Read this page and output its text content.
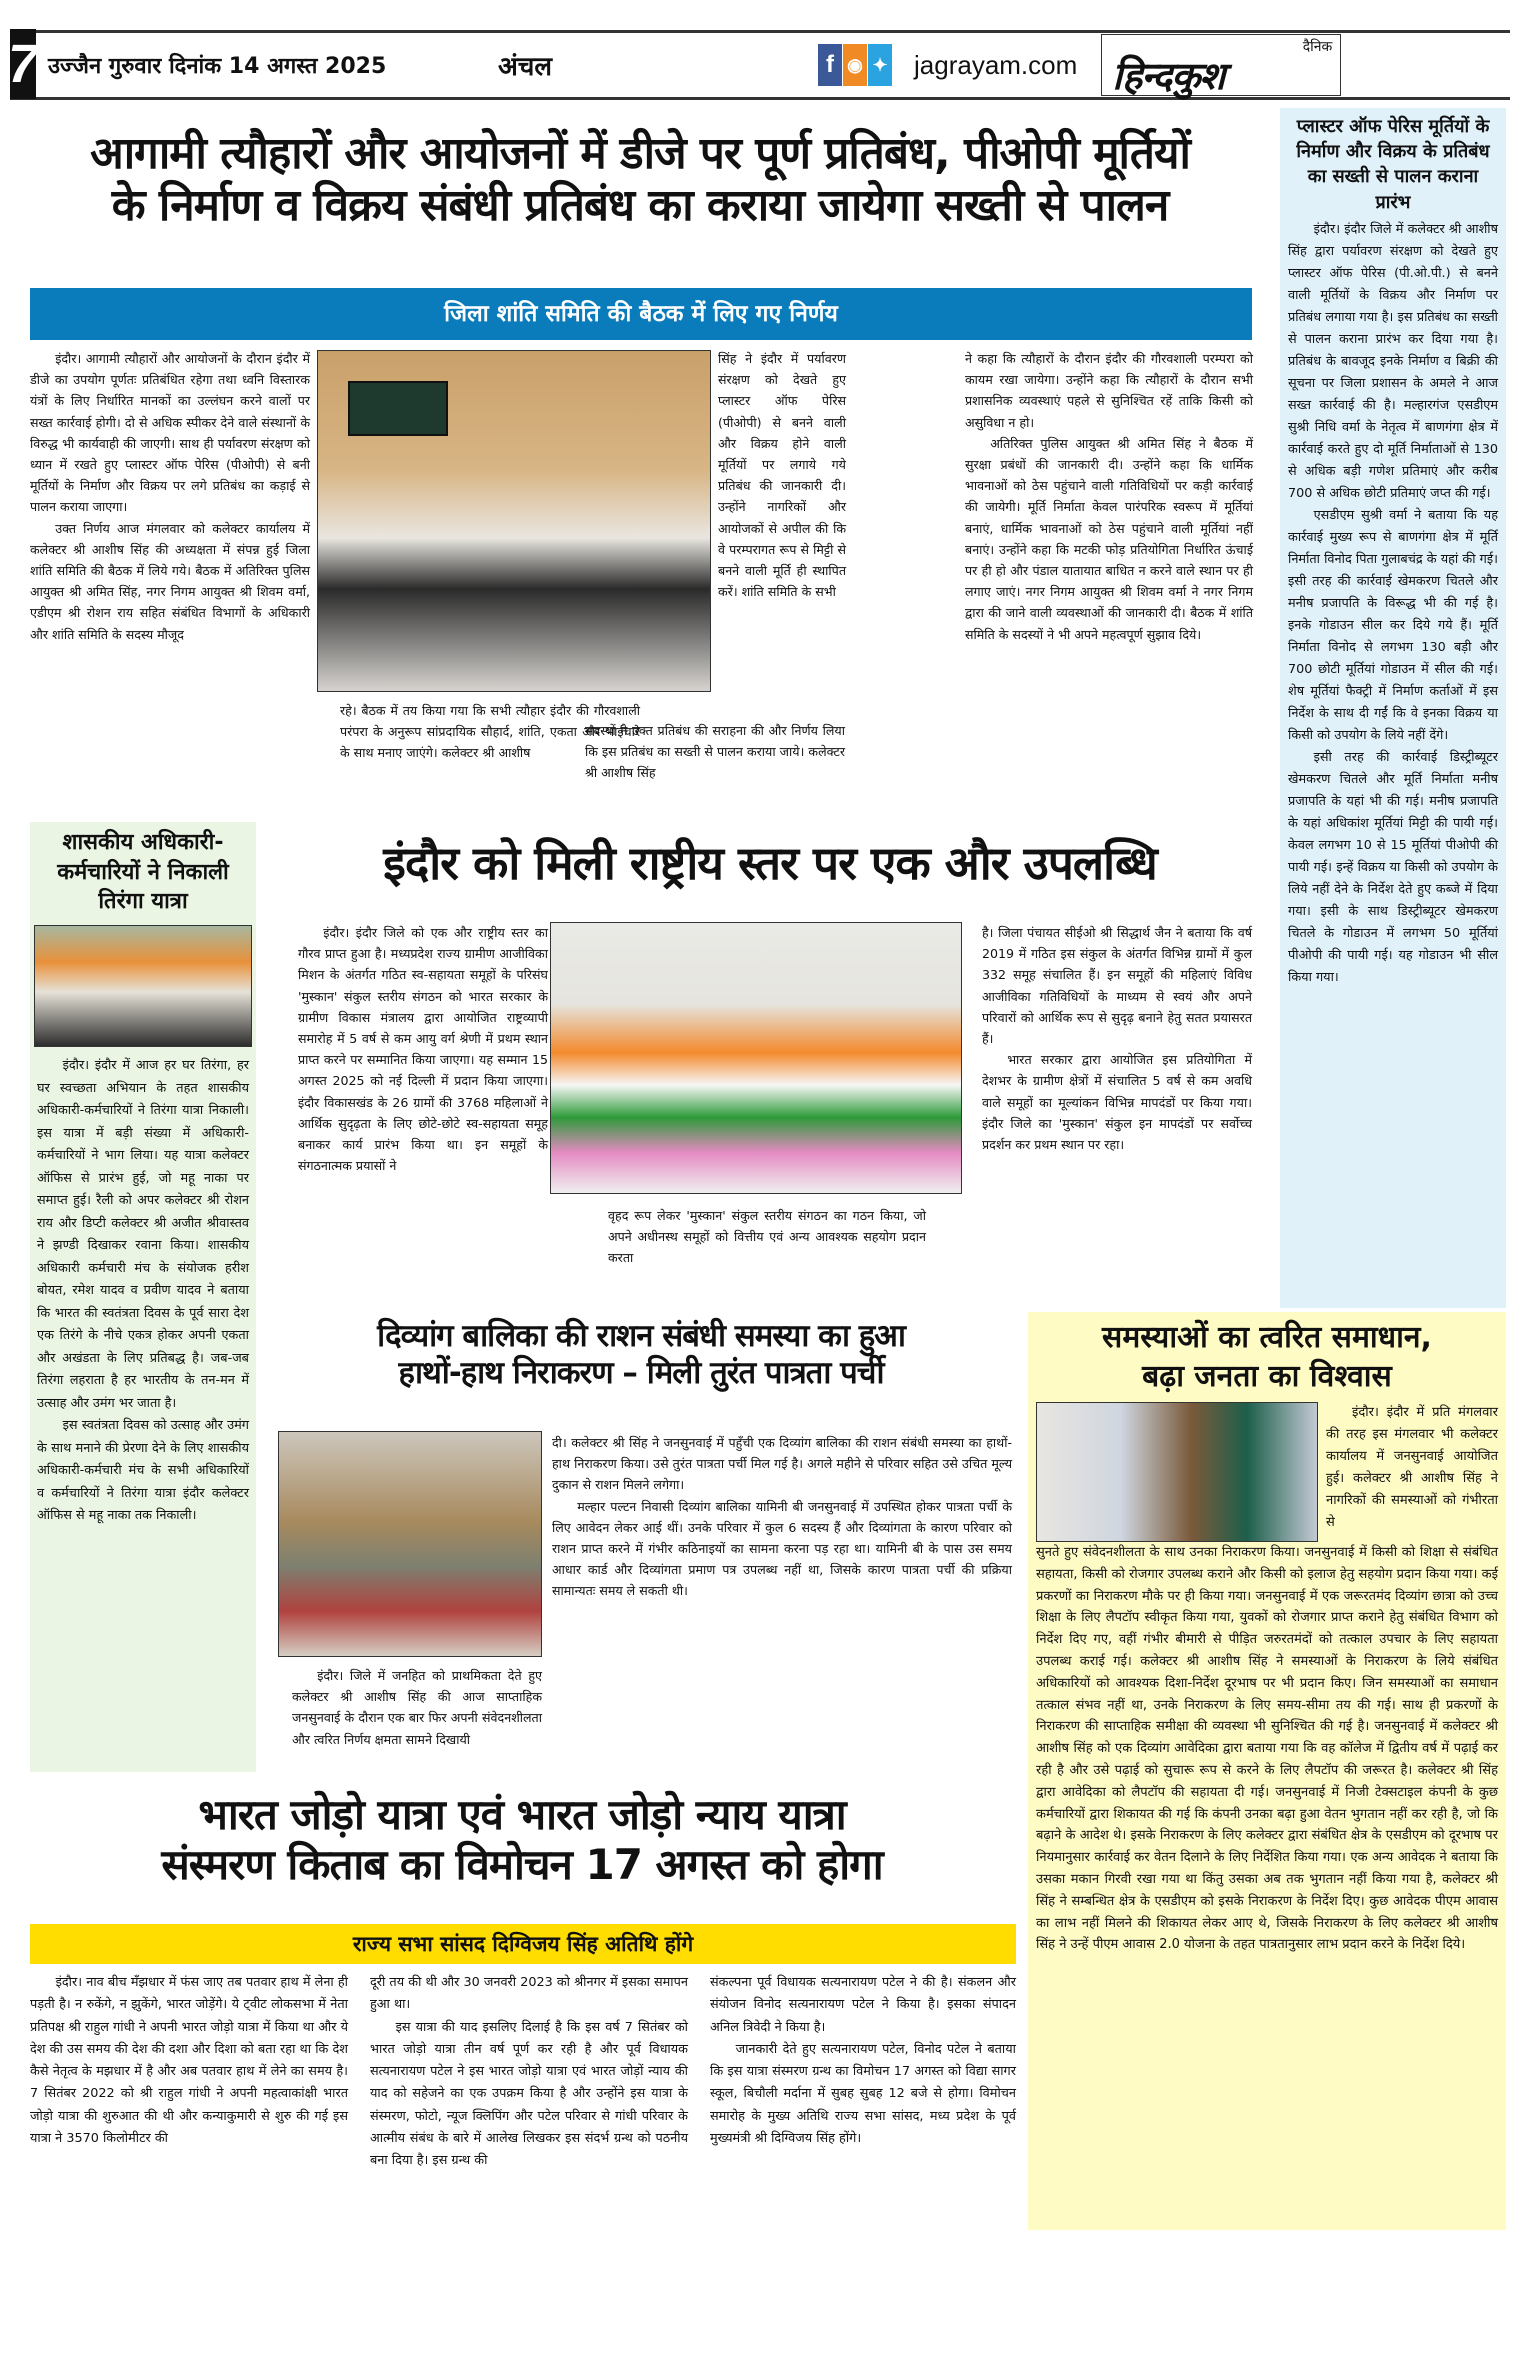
7 उज्जैन गुरुवार दिनांक 14 अगस्त 2025	अंचल	f ◉ ✦ jagrayam.com
दैनिक
हिन्दकुश
आगामी त्यौहारों और आयोजनों में डीजे पर पूर्ण प्रतिबंध, पीओपी मूर्तियों
के निर्माण व विक्रय संबंधी प्रतिबंध का कराया जायेगा सख्ती से पालन
जिला शांति समिति की बैठक में लिए गए निर्णय

इंदौर। आगामी त्यौहारों और आयोजनों के दौरान इंदौर में डीजे का उपयोग पूर्णतः प्रतिबंधित रहेगा तथा ध्वनि विस्तारक यंत्रों के लिए निर्धारित मानकों का उल्लंघन करने वालों पर सख्त कार्रवाई होगी। दो से अधिक स्पीकर देने वाले संस्थानों के विरुद्ध भी कार्यवाही की जाएगी। साथ ही पर्यावरण संरक्षण को ध्यान में रखते हुए प्लास्टर ऑफ पेरिस (पीओपी) से बनी मूर्तियों के निर्माण और विक्रय पर लगे प्रतिबंध का कड़ाई से पालन कराया जाएगा।

उक्त निर्णय आज मंगलवार को कलेक्टर कार्यालय में कलेक्टर श्री आशीष सिंह की अध्यक्षता में संपन्न हुई जिला शांति समिति की बैठक में लिये गये। बैठक में अतिरिक्त पुलिस आयुक्त श्री अमित सिंह, नगर निगम आयुक्त श्री शिवम वर्मा, एडीएम श्री रोशन राय सहित संबंधित विभागों के अधिकारी और शांति समिति के सदस्य मौजूद

रहे। बैठक में तय किया गया कि सभी त्यौहार इंदौर की गौरवशाली परंपरा के अनुरूप सांप्रदायिक सौहार्द, शांति, एकता और भाईचारे के साथ मनाए जाएंगे। कलेक्टर श्री आशीष
सिंह ने इंदौर में पर्यावरण संरक्षण को देखते हुए प्लास्टर ऑफ पेरिस (पीओपी) से बनने वाली और विक्रय होने वाली मूर्तियों पर लगाये गये प्रतिबंध की जानकारी दी। उन्होंने नागरिकों और आयोजकों से अपील की कि वे परम्परागत रूप से मिट्टी से बनने वाली मूर्ति ही स्थापित करें। शांति समिति के सभी
सदस्यों ने उक्त प्रतिबंध की सराहना की और निर्णय लिया कि इस प्रतिबंध का सख्ती से पालन कराया जाये। कलेक्टर श्री आशीष सिंह

ने कहा कि त्यौहारों के दौरान इंदौर की गौरवशाली परम्परा को कायम रखा जायेगा। उन्होंने कहा कि त्यौहारों के दौरान सभी प्रशासनिक व्यवस्थाएं पहले से सुनिश्चित रहें ताकि किसी को असुविधा न हो।

अतिरिक्त पुलिस आयुक्त श्री अमित सिंह ने बैठक में सुरक्षा प्रबंधों की जानकारी दी। उन्होंने कहा कि धार्मिक भावनाओं को ठेस पहुंचाने वाली गतिविधियों पर कड़ी कार्रवाई की जायेगी। मूर्ति निर्माता केवल पारंपरिक स्वरूप में मूर्तियां बनाएं, धार्मिक भावनाओं को ठेस पहुंचाने वाली मूर्तियां नहीं बनाएं। उन्होंने कहा कि मटकी फोड़ प्रतियोगिता निर्धारित ऊंचाई पर ही हो और पंडाल यातायात बाधित न करने वाले स्थान पर ही लगाए जाएं। नगर निगम आयुक्त श्री शिवम वर्मा ने नगर निगम द्वारा की जाने वाली व्यवस्थाओं की जानकारी दी। बैठक में शांति समिति के सदस्यों ने भी अपने महत्वपूर्ण सुझाव दिये।

प्लास्टर ऑफ पेरिस मूर्तियों के निर्माण और विक्रय के प्रतिबंध का सख्ती से पालन कराना प्रारंभ

इंदौर। इंदौर जिले में कलेक्टर श्री आशीष सिंह द्वारा पर्यावरण संरक्षण को देखते हुए प्लास्टर ऑफ पेरिस (पी.ओ.पी.) से बनने वाली मूर्तियों के विक्रय और निर्माण पर प्रतिबंध लगाया गया है। इस प्रतिबंध का सख्ती से पालन कराना प्रारंभ कर दिया गया है। प्रतिबंध के बावजूद इनके निर्माण व बिक्री की सूचना पर जिला प्रशासन के अमले ने आज सख्त कार्रवाई की है। मल्हारगंज एसडीएम सुश्री निधि वर्मा के नेतृत्व में बाणगंगा क्षेत्र में कार्रवाई करते हुए दो मूर्ति निर्माताओं से 130 से अधिक बड़ी गणेश प्रतिमाएं और करीब 700 से अधिक छोटी प्रतिमाएं जप्त की गई।

एसडीएम सुश्री वर्मा ने बताया कि यह कार्रवाई मुख्य रूप से बाणगंगा क्षेत्र में मूर्ति निर्माता विनोद पिता गुलाबचंद्र के यहां की गई। इसी तरह की कार्रवाई खेमकरण चितले और मनीष प्रजापति के विरूद्ध भी की गई है। इनके गोडाउन सील कर दिये गये हैं। मूर्ति निर्माता विनोद से लगभग 130 बड़ी और 700 छोटी मूर्तियां गोडाउन में सील की गई। शेष मूर्तियां फैक्ट्री में निर्माण कर्ताओं में इस निर्देश के साथ दी गईं कि वे इनका विक्रय या किसी को उपयोग के लिये नहीं देंगे।

इसी तरह की कार्रवाई डिस्ट्रीब्यूटर खेमकरण चितले और मूर्ति निर्माता मनीष प्रजापति के यहां भी की गई। मनीष प्रजापति के यहां अधिकांश मूर्तियां मिट्टी की पायी गई। केवल लगभग 10 से 15 मूर्तियां पीओपी की पायी गई। इन्हें विक्रय या किसी को उपयोग के लिये नहीं देने के निर्देश देते हुए कब्जे में दिया गया। इसी के साथ डिस्ट्रीब्यूटर खेमकरण चितले के गोडाउन में लगभग 50 मूर्तियां पीओपी की पायी गई। यह गोडाउन भी सील किया गया।

शासकीय अधिकारी-कर्मचारियों ने निकाली तिरंगा यात्रा

इंदौर। इंदौर में आज हर घर तिरंगा, हर घर स्वच्छता अभियान के तहत शासकीय अधिकारी-कर्मचारियों ने तिरंगा यात्रा निकाली। इस यात्रा में बड़ी संख्या में अधिकारी-कर्मचारियों ने भाग लिया। यह यात्रा कलेक्टर ऑफिस से प्रारंभ हुई, जो महू नाका पर समाप्त हुई। रैली को अपर कलेक्टर श्री रोशन राय और डिप्टी कलेक्टर श्री अजीत श्रीवास्तव ने झण्डी दिखाकर रवाना किया। शासकीय अधिकारी कर्मचारी मंच के संयोजक हरीश बोयत, रमेश यादव व प्रवीण यादव ने बताया कि भारत की स्वतंत्रता दिवस के पूर्व सारा देश एक तिरंगे के नीचे एकत्र होकर अपनी एकता और अखंडता के लिए प्रतिबद्ध है। जब-जब तिरंगा लहराता है हर भारतीय के तन-मन में उत्साह और उमंग भर जाता है।

इस स्वतंत्रता दिवस को उत्साह और उमंग के साथ मनाने की प्रेरणा देने के लिए शासकीय अधिकारी-कर्मचारी मंच के सभी अधिकारियों व कर्मचारियों ने तिरंगा यात्रा इंदौर कलेक्टर ऑफिस से महू नाका तक निकाली।

इंदौर को मिली राष्ट्रीय स्तर पर एक और उपलब्धि

इंदौर। इंदौर जिले को एक और राष्ट्रीय स्तर का गौरव प्राप्त हुआ है। मध्यप्रदेश राज्य ग्रामीण आजीविका मिशन के अंतर्गत गठित स्व-सहायता समूहों के परिसंघ 'मुस्कान' संकुल स्तरीय संगठन को भारत सरकार के ग्रामीण विकास मंत्रालय द्वारा आयोजित राष्ट्रव्यापी समारोह में 5 वर्ष से कम आयु वर्ग श्रेणी में प्रथम स्थान प्राप्त करने पर सम्मानित किया जाएगा। यह सम्मान 15 अगस्त 2025 को नई दिल्ली में प्रदान किया जाएगा। इंदौर विकासखंड के 26 ग्रामों की 3768 महिलाओं ने आर्थिक सुदृढ़ता के लिए छोटे-छोटे स्व-सहायता समूह बनाकर कार्य प्रारंभ किया था। इन समूहों के संगठनात्मक प्रयासों ने

वृहद रूप लेकर 'मुस्कान' संकुल स्तरीय संगठन का गठन किया, जो अपने अधीनस्थ समूहों को वित्तीय एवं अन्य आवश्यक सहयोग प्रदान करता

है। जिला पंचायत सीईओ श्री सिद्धार्थ जैन ने बताया कि वर्ष 2019 में गठित इस संकुल के अंतर्गत विभिन्न ग्रामों में कुल 332 समूह संचालित हैं। इन समूहों की महिलाएं विविध आजीविका गतिविधियों के माध्यम से स्वयं और अपने परिवारों को आर्थिक रूप से सुदृढ़ बनाने हेतु सतत प्रयासरत हैं।

भारत सरकार द्वारा आयोजित इस प्रतियोगिता में देशभर के ग्रामीण क्षेत्रों में संचालित 5 वर्ष से कम अवधि वाले समूहों का मूल्यांकन विभिन्न मापदंडों पर किया गया। इंदौर जिले का 'मुस्कान' संकुल इन मापदंडों पर सर्वोच्च प्रदर्शन कर प्रथम स्थान पर रहा।

दिव्यांग बालिका की राशन संबंधी समस्या का हुआ
हाथों-हाथ निराकरण – मिली तुरंत पात्रता पर्ची

इंदौर। जिले में जनहित को प्राथमिकता देते हुए कलेक्टर श्री आशीष सिंह की आज साप्ताहिक जनसुनवाई के दौरान एक बार फिर अपनी संवेदनशीलता और त्वरित निर्णय क्षमता सामने दिखायी

दी। कलेक्टर श्री सिंह ने जनसुनवाई में पहुँची एक दिव्यांग बालिका की राशन संबंधी समस्या का हाथों-हाथ निराकरण किया। उसे तुरंत पात्रता पर्ची मिल गई है। अगले महीने से परिवार सहित उसे उचित मूल्य दुकान से राशन मिलने लगेगा।

मल्हार पल्टन निवासी दिव्यांग बालिका यामिनी बी जनसुनवाई में उपस्थित होकर पात्रता पर्ची के लिए आवेदन लेकर आई थीं। उनके परिवार में कुल 6 सदस्य हैं और दिव्यांगता के कारण परिवार को राशन प्राप्त करने में गंभीर कठिनाइयों का सामना करना पड़ रहा था। यामिनी बी के पास उस समय आधार कार्ड और दिव्यांगता प्रमाण पत्र उपलब्ध नहीं था, जिसके कारण पात्रता पर्ची की प्रक्रिया सामान्यतः समय ले सकती थी।

समस्याओं का त्वरित समाधान,
बढ़ा जनता का विश्वास

इंदौर। इंदौर में प्रति मंगलवार की तरह इस मंगलवार भी कलेक्टर कार्यालय में जनसुनवाई आयोजित हुई। कलेक्टर श्री आशीष सिंह ने नागरिकों की समस्याओं को गंभीरता से

सुनते हुए संवेदनशीलता के साथ उनका निराकरण किया। जनसुनवाई में किसी को शिक्षा से संबंधित सहायता, किसी को रोजगार उपलब्ध कराने और किसी को इलाज हेतु सहयोग प्रदान किया गया। कई प्रकरणों का निराकरण मौके पर ही किया गया। जनसुनवाई में एक जरूरतमंद दिव्यांग छात्रा को उच्च शिक्षा के लिए लैपटॉप स्वीकृत किया गया, युवकों को रोजगार प्राप्त कराने हेतु संबंधित विभाग को निर्देश दिए गए, वहीं गंभीर बीमारी से पीड़ित जरुरतमंदों को तत्काल उपचार के लिए सहायता उपलब्ध कराई गई। कलेक्टर श्री आशीष सिंह ने समस्याओं के निराकरण के लिये संबंधित अधिकारियों को आवश्यक दिशा-निर्देश दूरभाष पर भी प्रदान किए। जिन समस्याओं का समाधान तत्काल संभव नहीं था, उनके निराकरण के लिए समय-सीमा तय की गई। साथ ही प्रकरणों के निराकरण की साप्ताहिक समीक्षा की व्यवस्था भी सुनिश्चित की गई है। जनसुनवाई में कलेक्टर श्री आशीष सिंह को एक दिव्यांग आवेदिका द्वारा बताया गया कि वह कॉलेज में द्वितीय वर्ष में पढ़ाई कर रही है और उसे पढ़ाई को सुचारू रूप से करने के लिए लैपटॉप की जरूरत है। कलेक्टर श्री सिंह द्वारा आवेदिका को लैपटॉप की सहायता दी गई। जनसुनवाई में निजी टेक्सटाइल कंपनी के कुछ कर्मचारियों द्वारा शिकायत की गई कि कंपनी उनका बढ़ा हुआ वेतन भुगतान नहीं कर रही है, जो कि बढ़ाने के आदेश थे। इसके निराकरण के लिए कलेक्टर द्वारा संबंधित क्षेत्र के एसडीएम को दूरभाष पर नियमानुसार कार्रवाई कर वेतन दिलाने के लिए निर्देशित किया गया। एक अन्य आवेदक ने बताया कि उसका मकान गिरवी रखा गया था किंतु उसका अब तक भुगतान नहीं किया गया है, कलेक्टर श्री सिंह ने सम्बन्धित क्षेत्र के एसडीएम को इसके निराकरण के निर्देश दिए। कुछ आवेदक पीएम आवास का लाभ नहीं मिलने की शिकायत लेकर आए थे, जिसके निराकरण के लिए कलेक्टर श्री आशीष सिंह ने उन्हें पीएम आवास 2.0 योजना के तहत पात्रतानुसार लाभ प्रदान करने के निर्देश दिये।
भारत जोड़ो यात्रा एवं भारत जोड़ो न्याय यात्रा
संस्मरण किताब का विमोचन 17 अगस्त को होगा
राज्य सभा सांसद दिग्विजय सिंह अतिथि होंगे

इंदौर। नाव बीच मँझधार में फंस जाए तब पतवार हाथ में लेना ही पड़ती है। न रुकेंगे, न झुकेंगे, भारत जोड़ेंगे। ये ट्वीट लोकसभा में नेता प्रतिपक्ष श्री राहुल गांधी ने अपनी भारत जोड़ो यात्रा में किया था और ये देश की उस समय की देश की दशा और दिशा को बता रहा था कि देश कैसे नेतृत्व के मझधार में है और अब पतवार हाथ में लेने का समय है। 7 सितंबर 2022 को श्री राहुल गांधी ने अपनी महत्वाकांक्षी भारत जोड़ो यात्रा की शुरुआत की थी और कन्याकुमारी से शुरु की गई इस यात्रा ने 3570 किलोमीटर की

दूरी तय की थी और 30 जनवरी 2023 को श्रीनगर में इसका समापन हुआ था।

इस यात्रा की याद इसलिए दिलाई है कि इस वर्ष 7 सितंबर को भारत जोड़ो यात्रा तीन वर्ष पूर्ण कर रही है और पूर्व विधायक सत्यनारायण पटेल ने इस भारत जोड़ो यात्रा एवं भारत जोड़ों न्याय की याद को सहेजने का एक उपक्रम किया है और उन्होंने इस यात्रा के संस्मरण, फोटो, न्यूज क्लिपिंग और पटेल परिवार से गांधी परिवार के आत्मीय संबंध के बारे में आलेख लिखकर इस संदर्भ ग्रन्थ को पठनीय बना दिया है। इस ग्रन्थ की

संकल्पना पूर्व विधायक सत्यनारायण पटेल ने की है। संकलन और संयोजन विनोद सत्यनारायण पटेल ने किया है। इसका संपादन अनिल त्रिवेदी ने किया है।

जानकारी देते हुए सत्यनारायण पटेल, विनोद पटेल ने बताया कि इस यात्रा संस्मरण ग्रन्थ का विमोचन 17 अगस्त को विद्या सागर स्कूल, बिचौली मर्दाना में सुबह सुबह 12 बजे से होगा। विमोचन समारोह के मुख्य अतिथि राज्य सभा सांसद, मध्य प्रदेश के पूर्व मुख्यमंत्री श्री दिग्विजय सिंह होंगे।
